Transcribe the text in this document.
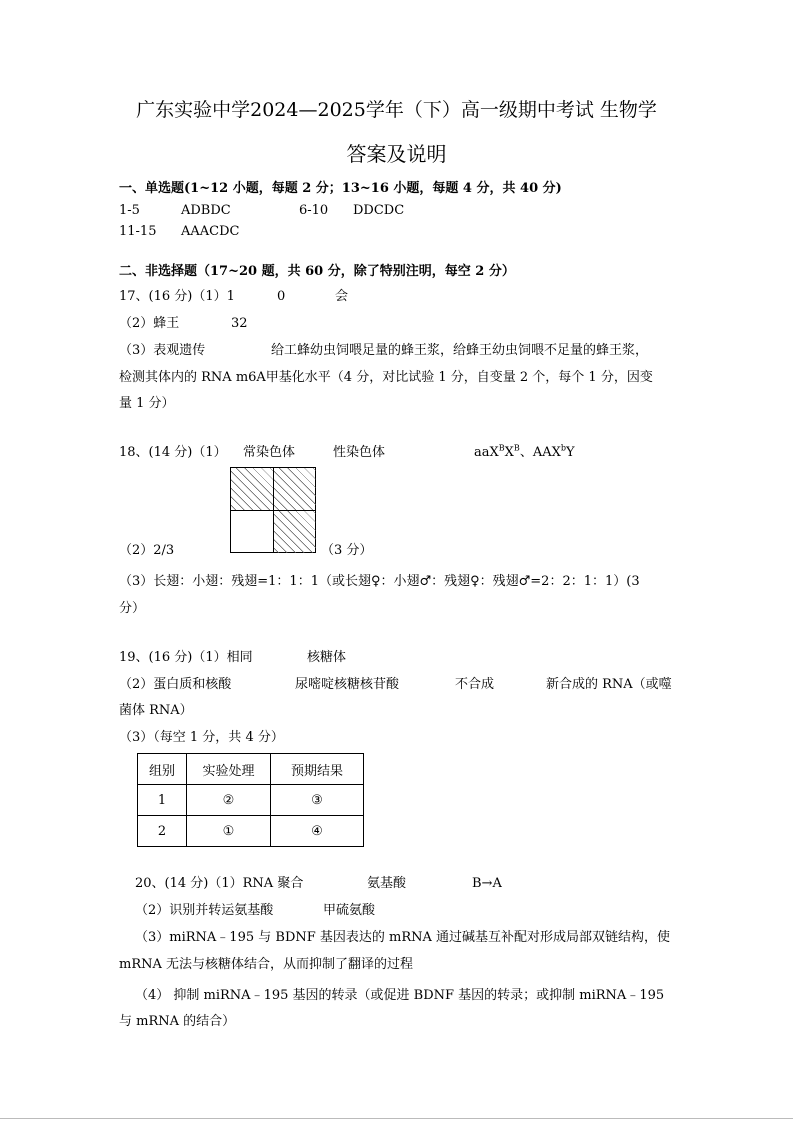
广东实验中学2024—2025学年（下）高一级期中考试 生物学
答案及说明
一、单选题(1~12 小题，每题 2 分；13~16 小题，每题 4 分，共 40 分)
1-5	ADBDC	6-10 DDCDC
11-15 AAACDC
二、非选择题（17~20 题，共 60 分，除了特别注明，每空 2 分）
17、(16 分)（1）1	0	会
（2）蜂王	32
（3）表观遗传	给工蜂幼虫饲喂足量的蜂王浆，给蜂王幼虫饲喂不足量的蜂王浆，
检测其体内的 RNA m6A甲基化水平（4 分，对比试验 1 分，自变量 2 个，每个 1 分，因变
量 1 分）
18、(14 分)（1） 常染色体	性染色体	$aaX^BX^B$、AAX$^b$Y
（2）2/3	（3 分）
（3）长翅：小翅：残翅=1：1：1（或长翅♀：小翅♂：残翅♀：残翅♂=2：2：1：1）(3
分）
19、(16 分)（1）相同	核糖体
（2）蛋白质和核酸	尿嘧啶核糖核苷酸	不合成	新合成的 RNA（或噬
菌体 RNA）
（3）（每空 1 分，共 4 分）
组别	实验处理	预期结果
1	②	③
2	①	④
20、(14 分)（1）RNA 聚合	氨基酸	B→A
（2）识别并转运氨基酸	甲硫氨酸
（3）miRNA﹣195 与 BDNF 基因表达的 mRNA 通过碱基互补配对形成局部双链结构，使
mRNA 无法与核糖体结合，从而抑制了翻译的过程
（4） 抑制 miRNA﹣195 基因的转录（或促进 BDNF 基因的转录；或抑制 miRNA﹣195
与 mRNA 的结合）
